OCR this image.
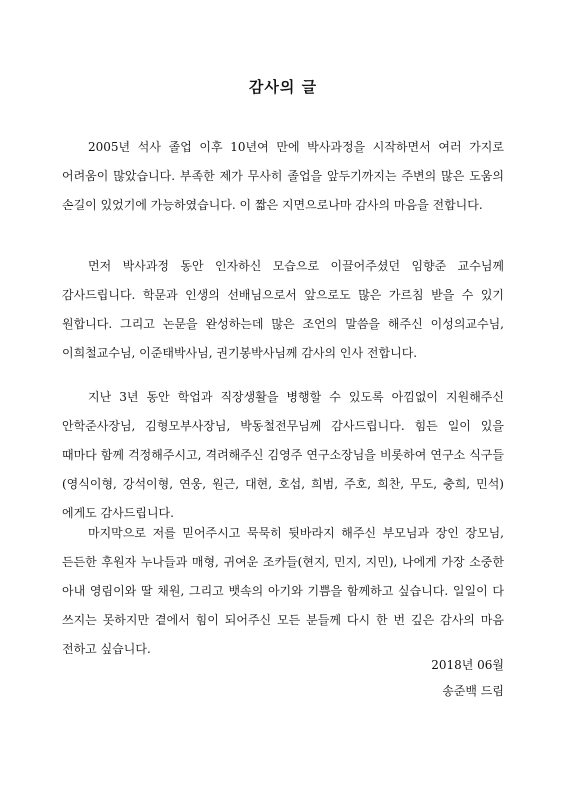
감사의 글

2005년 석사 졸업 이후 10년여 만에 박사과정을 시작하면서 여러 가지로 어려움이 많았습니다. 부족한 제가 무사히 졸업을 앞두기까지는 주변의 많은 도움의 손길이 있었기에 가능하였습니다. 이 짧은 지면으로나마 감사의 마음을 전합니다.

먼저 박사과정 동안 인자하신 모습으로 이끌어주셨던 임향준 교수님께 감사드립니다. 학문과 인생의 선배님으로서 앞으로도 많은 가르침 받을 수 있기 원합니다. 그리고 논문을 완성하는데 많은 조언의 말씀을 해주신 이성의교수님, 이희철교수님, 이준태박사님, 권기봉박사님께 감사의 인사 전합니다.

지난 3년 동안 학업과 직장생활을 병행할 수 있도록 아낌없이 지원해주신 안학준사장님, 김형모부사장님, 박동철전무님께 감사드립니다. 힘든 일이 있을 때마다 함께 걱정해주시고, 격려해주신 김영주 연구소장님을 비롯하여 연구소 식구들(영식이형, 강석이형, 연웅, 원근, 대현, 호섭, 희범, 주호, 희찬, 무도, 충희, 민석)에게도 감사드립니다.

마지막으로 저를 믿어주시고 묵묵히 뒷바라지 해주신 부모님과 장인 장모님, 든든한 후원자 누나들과 매형, 귀여운 조카들(현지, 민지, 지민), 나에게 가장 소중한 아내 영림이와 딸 채원, 그리고 뱃속의 아기와 기쁨을 함께하고 싶습니다. 일일이 다 쓰지는 못하지만 곁에서 힘이 되어주신 모든 분들께 다시 한 번 깊은 감사의 마음 전하고 싶습니다.

2018년 06월
송준백 드림
